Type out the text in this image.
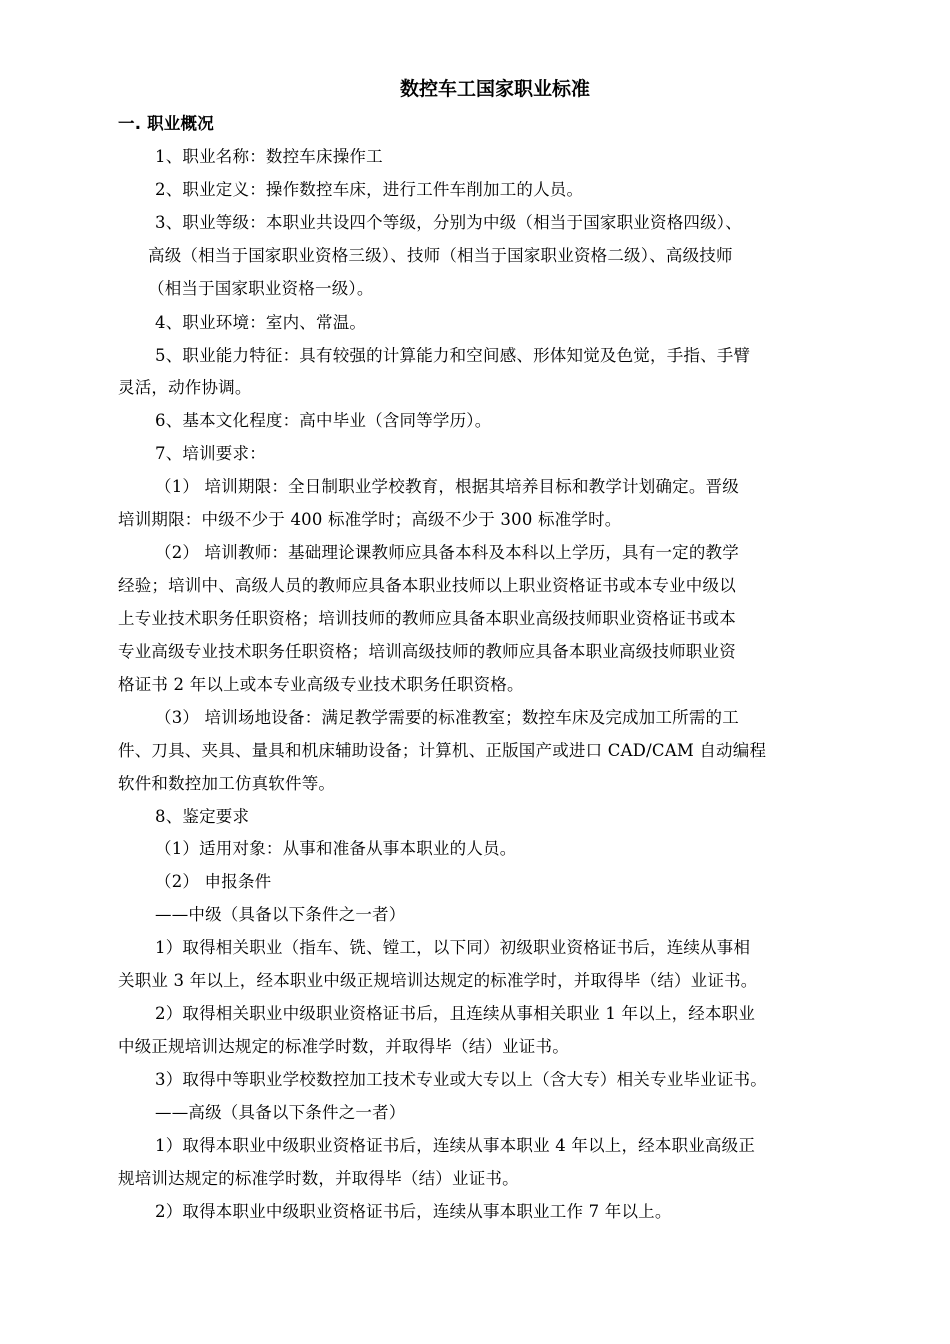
数控车工国家职业标准
一. 职业概况
1、职业名称：数控车床操作工
2、职业定义：操作数控车床，进行工件车削加工的人员。
3、职业等级：本职业共设四个等级，分别为中级（相当于国家职业资格四级）、
高级（相当于国家职业资格三级）、技师（相当于国家职业资格二级）、高级技师
（相当于国家职业资格一级）。
4、职业环境：室内、常温。
5、职业能力特征：具有较强的计算能力和空间感、形体知觉及色觉，手指、手臂
灵活，动作协调。
6、基本文化程度：高中毕业（含同等学历）。
7、培训要求：
（1） 培训期限：全日制职业学校教育，根据其培养目标和教学计划确定。晋级
培训期限：中级不少于 400 标准学时；高级不少于 300 标准学时。
（2） 培训教师：基础理论课教师应具备本科及本科以上学历，具有一定的教学
经验；培训中、高级人员的教师应具备本职业技师以上职业资格证书或本专业中级以
上专业技术职务任职资格；培训技师的教师应具备本职业高级技师职业资格证书或本
专业高级专业技术职务任职资格；培训高级技师的教师应具备本职业高级技师职业资
格证书 2 年以上或本专业高级专业技术职务任职资格。
（3） 培训场地设备：满足教学需要的标准教室；数控车床及完成加工所需的工
件、刀具、夹具、量具和机床辅助设备；计算机、正版国产或进口 CAD/CAM 自动编程
软件和数控加工仿真软件等。
8、鉴定要求
（1）适用对象：从事和准备从事本职业的人员。
（2） 申报条件
——中级（具备以下条件之一者）
1）取得相关职业（指车、铣、镗工，以下同）初级职业资格证书后，连续从事相
关职业 3 年以上，经本职业中级正规培训达规定的标准学时，并取得毕（结）业证书。
2）取得相关职业中级职业资格证书后，且连续从事相关职业 1 年以上，经本职业
中级正规培训达规定的标准学时数，并取得毕（结）业证书。
3）取得中等职业学校数控加工技术专业或大专以上（含大专）相关专业毕业证书。
——高级（具备以下条件之一者）
1）取得本职业中级职业资格证书后，连续从事本职业 4 年以上，经本职业高级正
规培训达规定的标准学时数，并取得毕（结）业证书。
2）取得本职业中级职业资格证书后，连续从事本职业工作 7 年以上。
